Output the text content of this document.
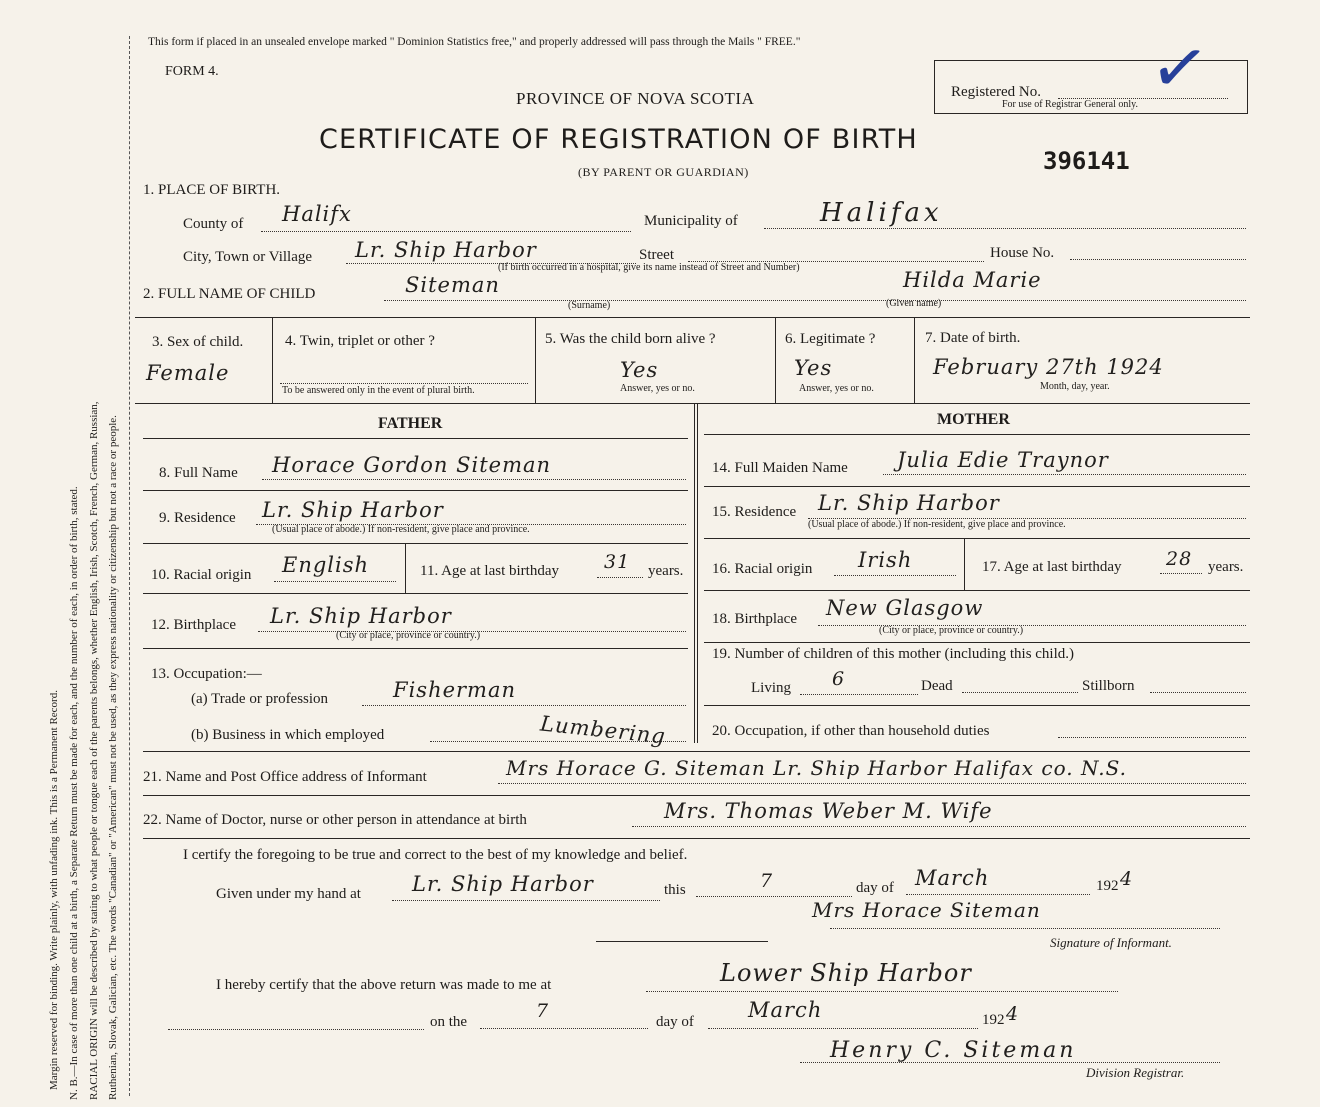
Margin reserved for binding. Write plainly, with unfading ink. This is a Permanent Record. N. B.—In case of more than one child at a birth, a Separate Return must be made for each, and the number of each, in order of birth, stated. RACIAL ORIGIN will be described by stating to what people or tongue each of the parents belongs, whether English, Irish, Scotch, French, German, Russian, Ruthenian, Slovak, Galician, etc. The words "Canadian" or "American" must not be used, as they express nationality or citizenship but not a race or people.
This form if placed in an unsealed envelope marked " Dominion Statistics free," and properly addressed will pass through the Mails " FREE."
FORM 4.
PROVINCE OF NOVA SCOTIA
CERTIFICATE OF REGISTRATION OF BIRTH
(BY PARENT OR GUARDIAN)
Registered No.
For use of Registrar General only.
396141
✓
1. PLACE OF BIRTH.
County of Halifx	Municipality of	Halifax
City, Town or Village Lr. Ship Harbor	Street	House No.
(If birth occurred in a hospital, give its name instead of Street and Number)
2. FULL NAME OF CHILD	Siteman	Hilda Marie
(Surname)	(Given name)
3. Sex of child.
Female
4. Twin, triplet or other ?
To be answered only in the event of plural birth.
5. Was the child born alive ?
Yes
Answer, yes or no.
6. Legitimate ?
Yes
Answer, yes or no.
7. Date of birth.
February 27th 1924
Month, day, year.
FATHER	MOTHER
8. Full Name Horace Gordon Siteman
9. Residence Lr. Ship Harbor
(Usual place of abode.) If non-resident, give place and province.
10. Racial origin English	11. Age at last birthday 31 years.
12. Birthplace Lr. Ship Harbor
(City or place, province or country.)
13. Occupation:—
(a) Trade or profession	Fisherman
(b) Business in which employed	Lumbering
14. Full Maiden Name Julia Edie Traynor
15. Residence Lr. Ship Harbor
(Usual place of abode.) If non-resident, give place and province.
16. Racial origin Irish	17. Age at last birthday 28 years.
18. Birthplace New Glasgow
(City or place, province or country.)
19. Number of children of this mother (including this child.)
Living 6	Dead	Stillborn
20. Occupation, if other than household duties
21. Name and Post Office address of Informant	Mrs Horace G. Siteman Lr. Ship Harbor Halifax co. N.S.
22. Name of Doctor, nurse or other person in attendance at birth	Mrs. Thomas Weber M. Wife
I certify the foregoing to be true and correct to the best of my knowledge and belief.
Given under my hand at Lr. Ship Harbor	this	7	day of March	192 4
Mrs Horace Siteman
Signature of Informant.
I hereby certify that the above return was made to me at	Lower Ship Harbor
on the	7	day of	March	192 4
Henry C. Siteman
Division Registrar.
